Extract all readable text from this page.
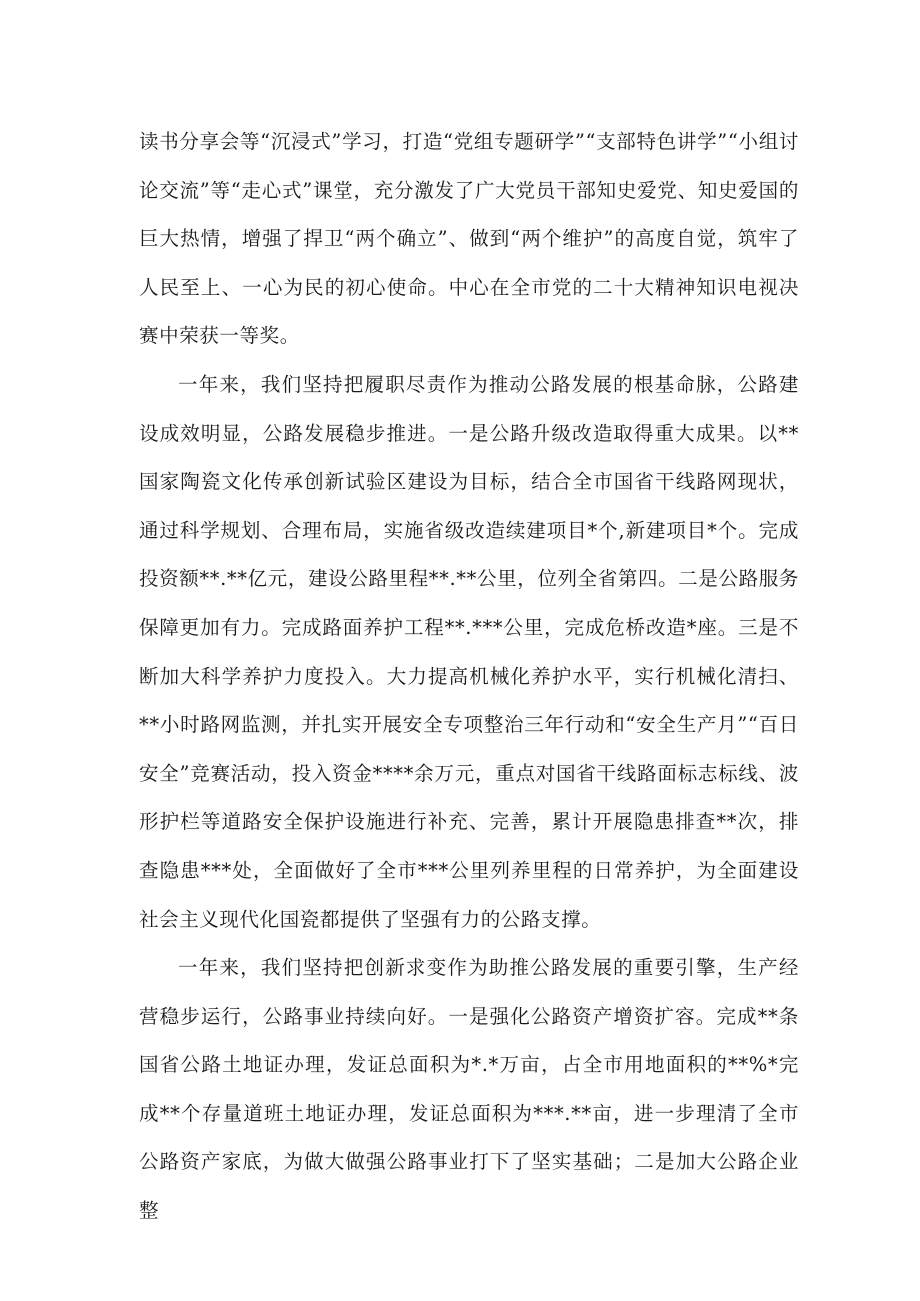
读书分享会等“沉浸式”学习，打造“党组专题研学”“支部特色讲学”“小组讨论交流”等“走心式”课堂，充分激发了广大党员干部知史爱党、知史爱国的巨大热情，增强了捍卫“两个确立”、做到“两个维护”的高度自觉，筑牢了人民至上、一心为民的初心使命。中心在全市党的二十大精神知识电视决赛中荣获一等奖。

一年来，我们坚持把履职尽责作为推动公路发展的根基命脉，公路建设成效明显，公路发展稳步推进。一是公路升级改造取得重大成果。以**国家陶瓷文化传承创新试验区建设为目标，结合全市国省干线路网现状，通过科学规划、合理布局，实施省级改造续建项目*个,新建项目*个。完成投资额**.**亿元，建设公路里程**.**公里，位列全省第四。二是公路服务保障更加有力。完成路面养护工程**.***公里，完成危桥改造*座。三是不断加大科学养护力度投入。大力提高机械化养护水平，实行机械化清扫、**小时路网监测，并扎实开展安全专项整治三年行动和“安全生产月”“百日安全”竞赛活动，投入资金****余万元，重点对国省干线路面标志标线、波形护栏等道路安全保护设施进行补充、完善，累计开展隐患排查**次，排查隐患***处，全面做好了全市***公里列养里程的日常养护，为全面建设社会主义现代化国瓷都提供了坚强有力的公路支撑。

一年来，我们坚持把创新求变作为助推公路发展的重要引擎，生产经营稳步运行，公路事业持续向好。一是强化公路资产增资扩容。完成**条国省公路土地证办理，发证总面积为*.*万亩，占全市用地面积的**%*完成**个存量道班土地证办理，发证总面积为***.**亩，进一步理清了全市公路资产家底，为做大做强公路事业打下了坚实基础；二是加大公路企业整
